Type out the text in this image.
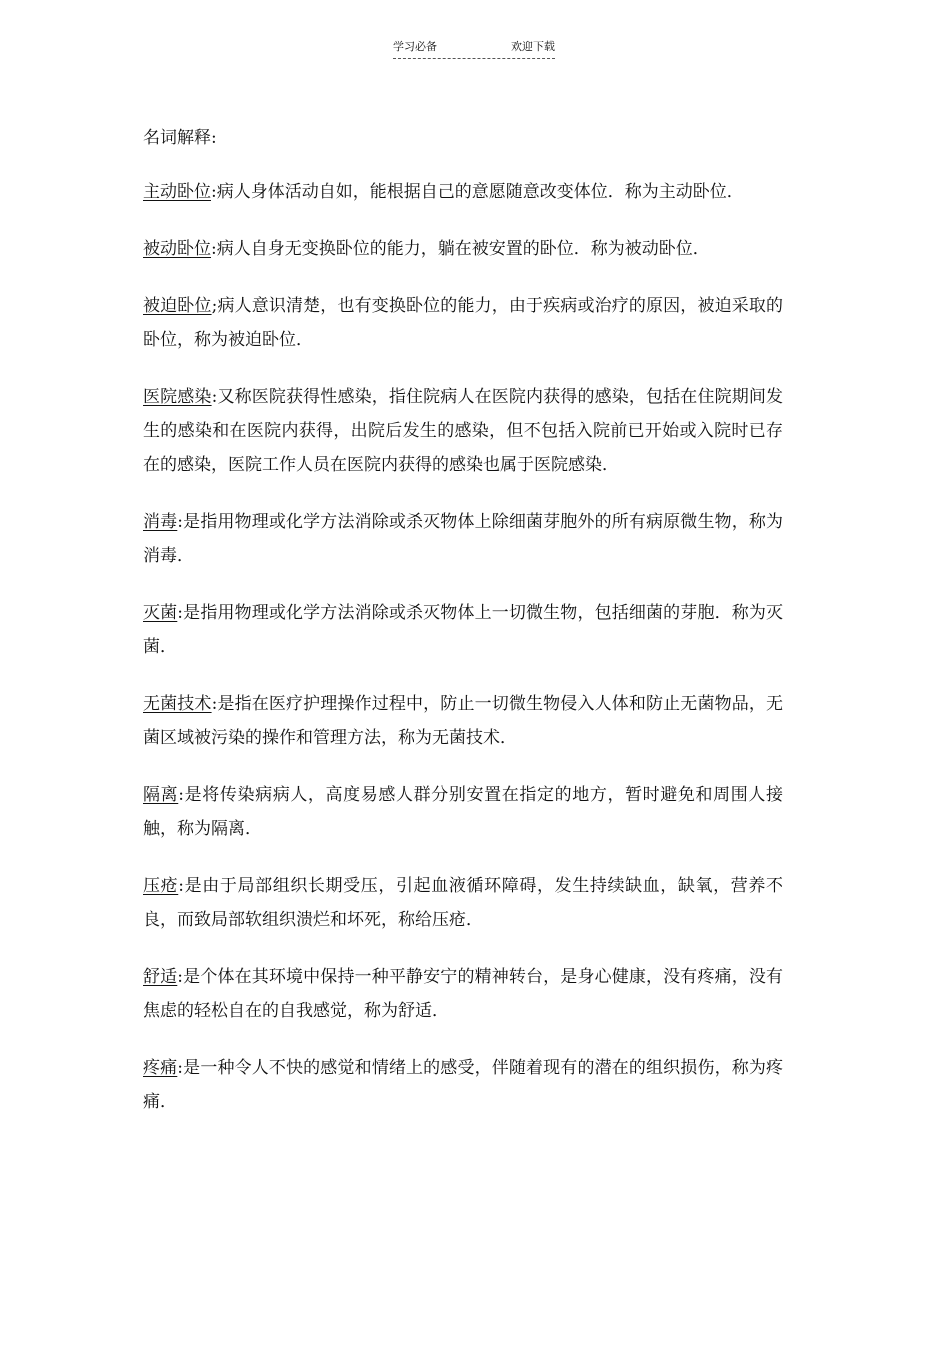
学习必备	欢迎下载
名词解释:

主动卧位:病人身体活动自如，能根据自己的意愿随意改变体位．称为主动卧位．

被动卧位:病人自身无变换卧位的能力，躺在被安置的卧位．称为被动卧位．

被迫卧位;病人意识清楚，也有变换卧位的能力，由于疾病或治疗的原因，被迫采取的卧位，称为被迫卧位．

医院感染:又称医院获得性感染，指住院病人在医院内获得的感染，包括在住院期间发生的感染和在医院内获得，出院后发生的感染，但不包括入院前已开始或入院时已存在的感染，医院工作人员在医院内获得的感染也属于医院感染．

消毒:是指用物理或化学方法消除或杀灭物体上除细菌芽胞外的所有病原微生物，称为消毒．

灭菌:是指用物理或化学方法消除或杀灭物体上一切微生物，包括细菌的芽胞．称为灭菌．

无菌技术:是指在医疗护理操作过程中，防止一切微生物侵入人体和防止无菌物品，无菌区域被污染的操作和管理方法，称为无菌技术．

隔离:是将传染病病人，高度易感人群分别安置在指定的地方，暂时避免和周围人接触，称为隔离．

压疮:是由于局部组织长期受压，引起血液循环障碍，发生持续缺血，缺氧，营养不良，而致局部软组织溃烂和坏死，称给压疮．

舒适:是个体在其环境中保持一种平静安宁的精神转台，是身心健康，没有疼痛，没有焦虑的轻松自在的自我感觉，称为舒适．

疼痛:是一种令人不快的感觉和情绪上的感受，伴随着现有的潜在的组织损伤，称为疼痛．
